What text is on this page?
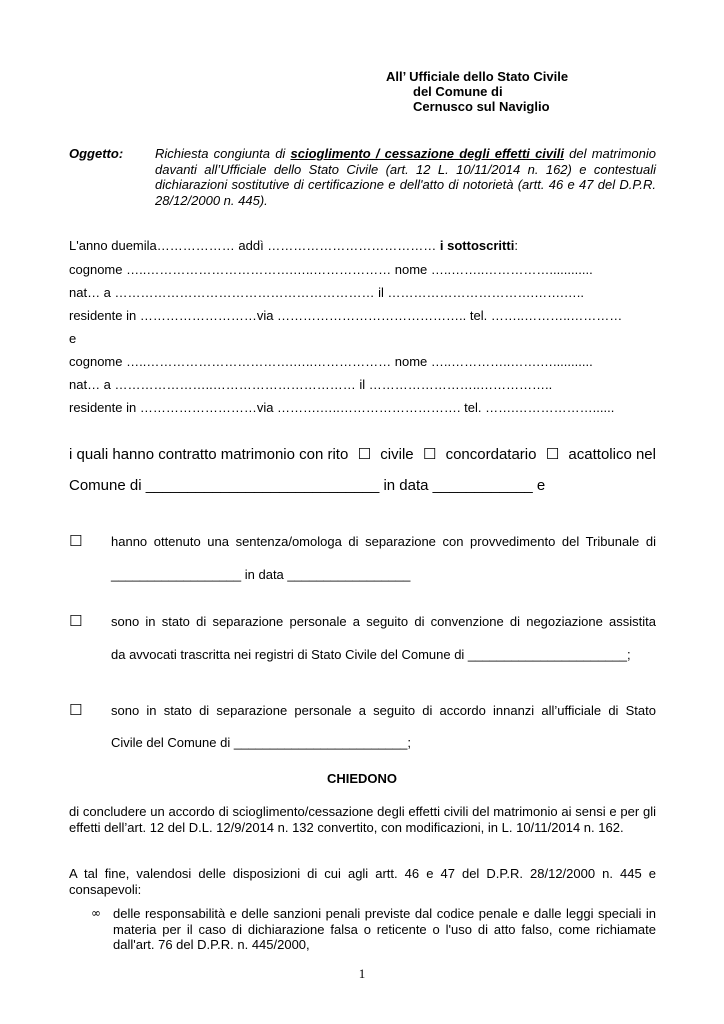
All’ Ufficiale dello Stato Civile
del Comune di
Cernusco sul Naviglio
Oggetto: Richiesta congiunta di scioglimento / cessazione degli effetti civili del matrimonio davanti all’Ufficiale dello Stato Civile (art. 12 L. 10/11/2014 n. 162) e contestuali dichiarazioni sostitutive di certificazione e dell'atto di notorietà (artt. 46 e 47 del D.P.R. 28/12/2000 n. 445).
L'anno duemila……………… addì ………………………………… i sottoscritti:
cognome …..…………………………….…..……………… nome …..……..……………............
nat… a …………………………………………………… il …………………………….…….…..
residente in ………………………via …………………………………….. tel. ……..………..…………
e
cognome …..…………………………….…..……………… nome …..…………..…….…...........
nat… a …………………..…………………………… il ……………………..……………..
residente in ………………………via ……….…..………………………. tel. …….………………......
i quali hanno contratto matrimonio con rito ☐ civile ☐ concordatario ☐ acattolico nel
Comune di ____________________________ in data ____________ e
☐ hanno ottenuto una sentenza/omologa di separazione con provvedimento del Tribunale di
__________________ in data _________________
☐ sono in stato di separazione personale a seguito di convenzione di negoziazione assistita
da avvocati trascritta nei registri di Stato Civile del Comune di ______________________;
☐ sono in stato di separazione personale a seguito di accordo innanzi all’ufficiale di Stato
Civile del Comune di ________________________;
CHIEDONO
di concludere un accordo di scioglimento/cessazione degli effetti civili del matrimonio ai sensi e per gli effetti dell’art. 12 del D.L. 12/9/2014 n. 132 convertito, con modificazioni, in L. 10/11/2014 n. 162.
A tal fine, valendosi delle disposizioni di cui agli artt. 46 e 47 del D.P.R. 28/12/2000 n. 445 e consapevoli:
∞ delle responsabilità e delle sanzioni penali previste dal codice penale e dalle leggi speciali in materia per il caso di dichiarazione falsa o reticente o l'uso di atto falso, come richiamate dall'art. 76 del D.P.R. n. 445/2000,
1
